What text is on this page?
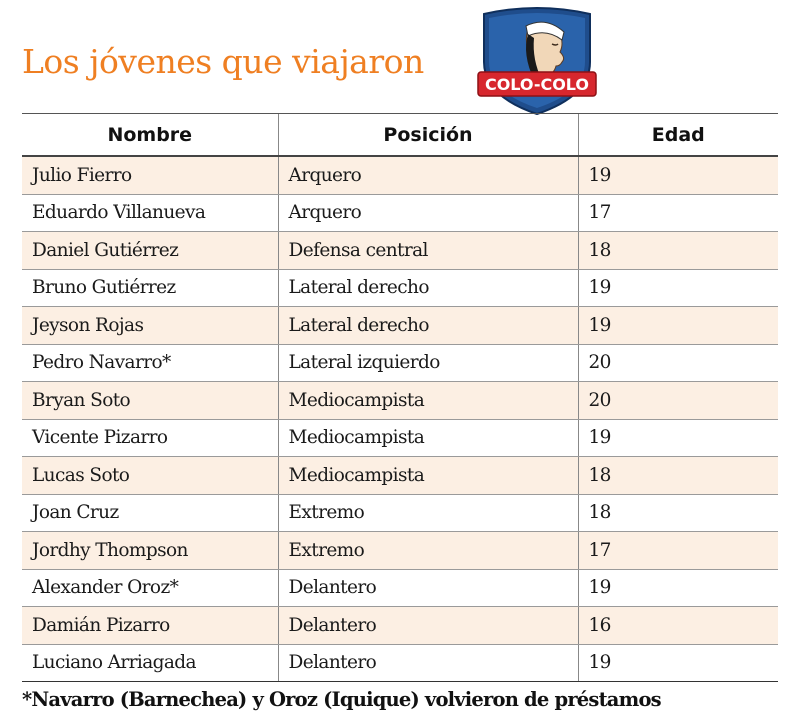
Los jóvenes que viajaron
COLO-COLO
Nombre	Posición	Edad
Julio Fierro	Arquero	19
Eduardo Villanueva	Arquero	17
Daniel Gutiérrez	Defensa central	18
Bruno Gutiérrez	Lateral derecho	19
Jeyson Rojas	Lateral derecho	19
Pedro Navarro*	Lateral izquierdo	20
Bryan Soto	Mediocampista	20
Vicente Pizarro	Mediocampista	19
Lucas Soto	Mediocampista	18
Joan Cruz	Extremo	18
Jordhy Thompson	Extremo	17
Alexander Oroz*	Delantero	19
Damián Pizarro	Delantero	16
Luciano Arriagada	Delantero	19
*Navarro (Barnechea) y Oroz (Iquique) volvieron de préstamos
